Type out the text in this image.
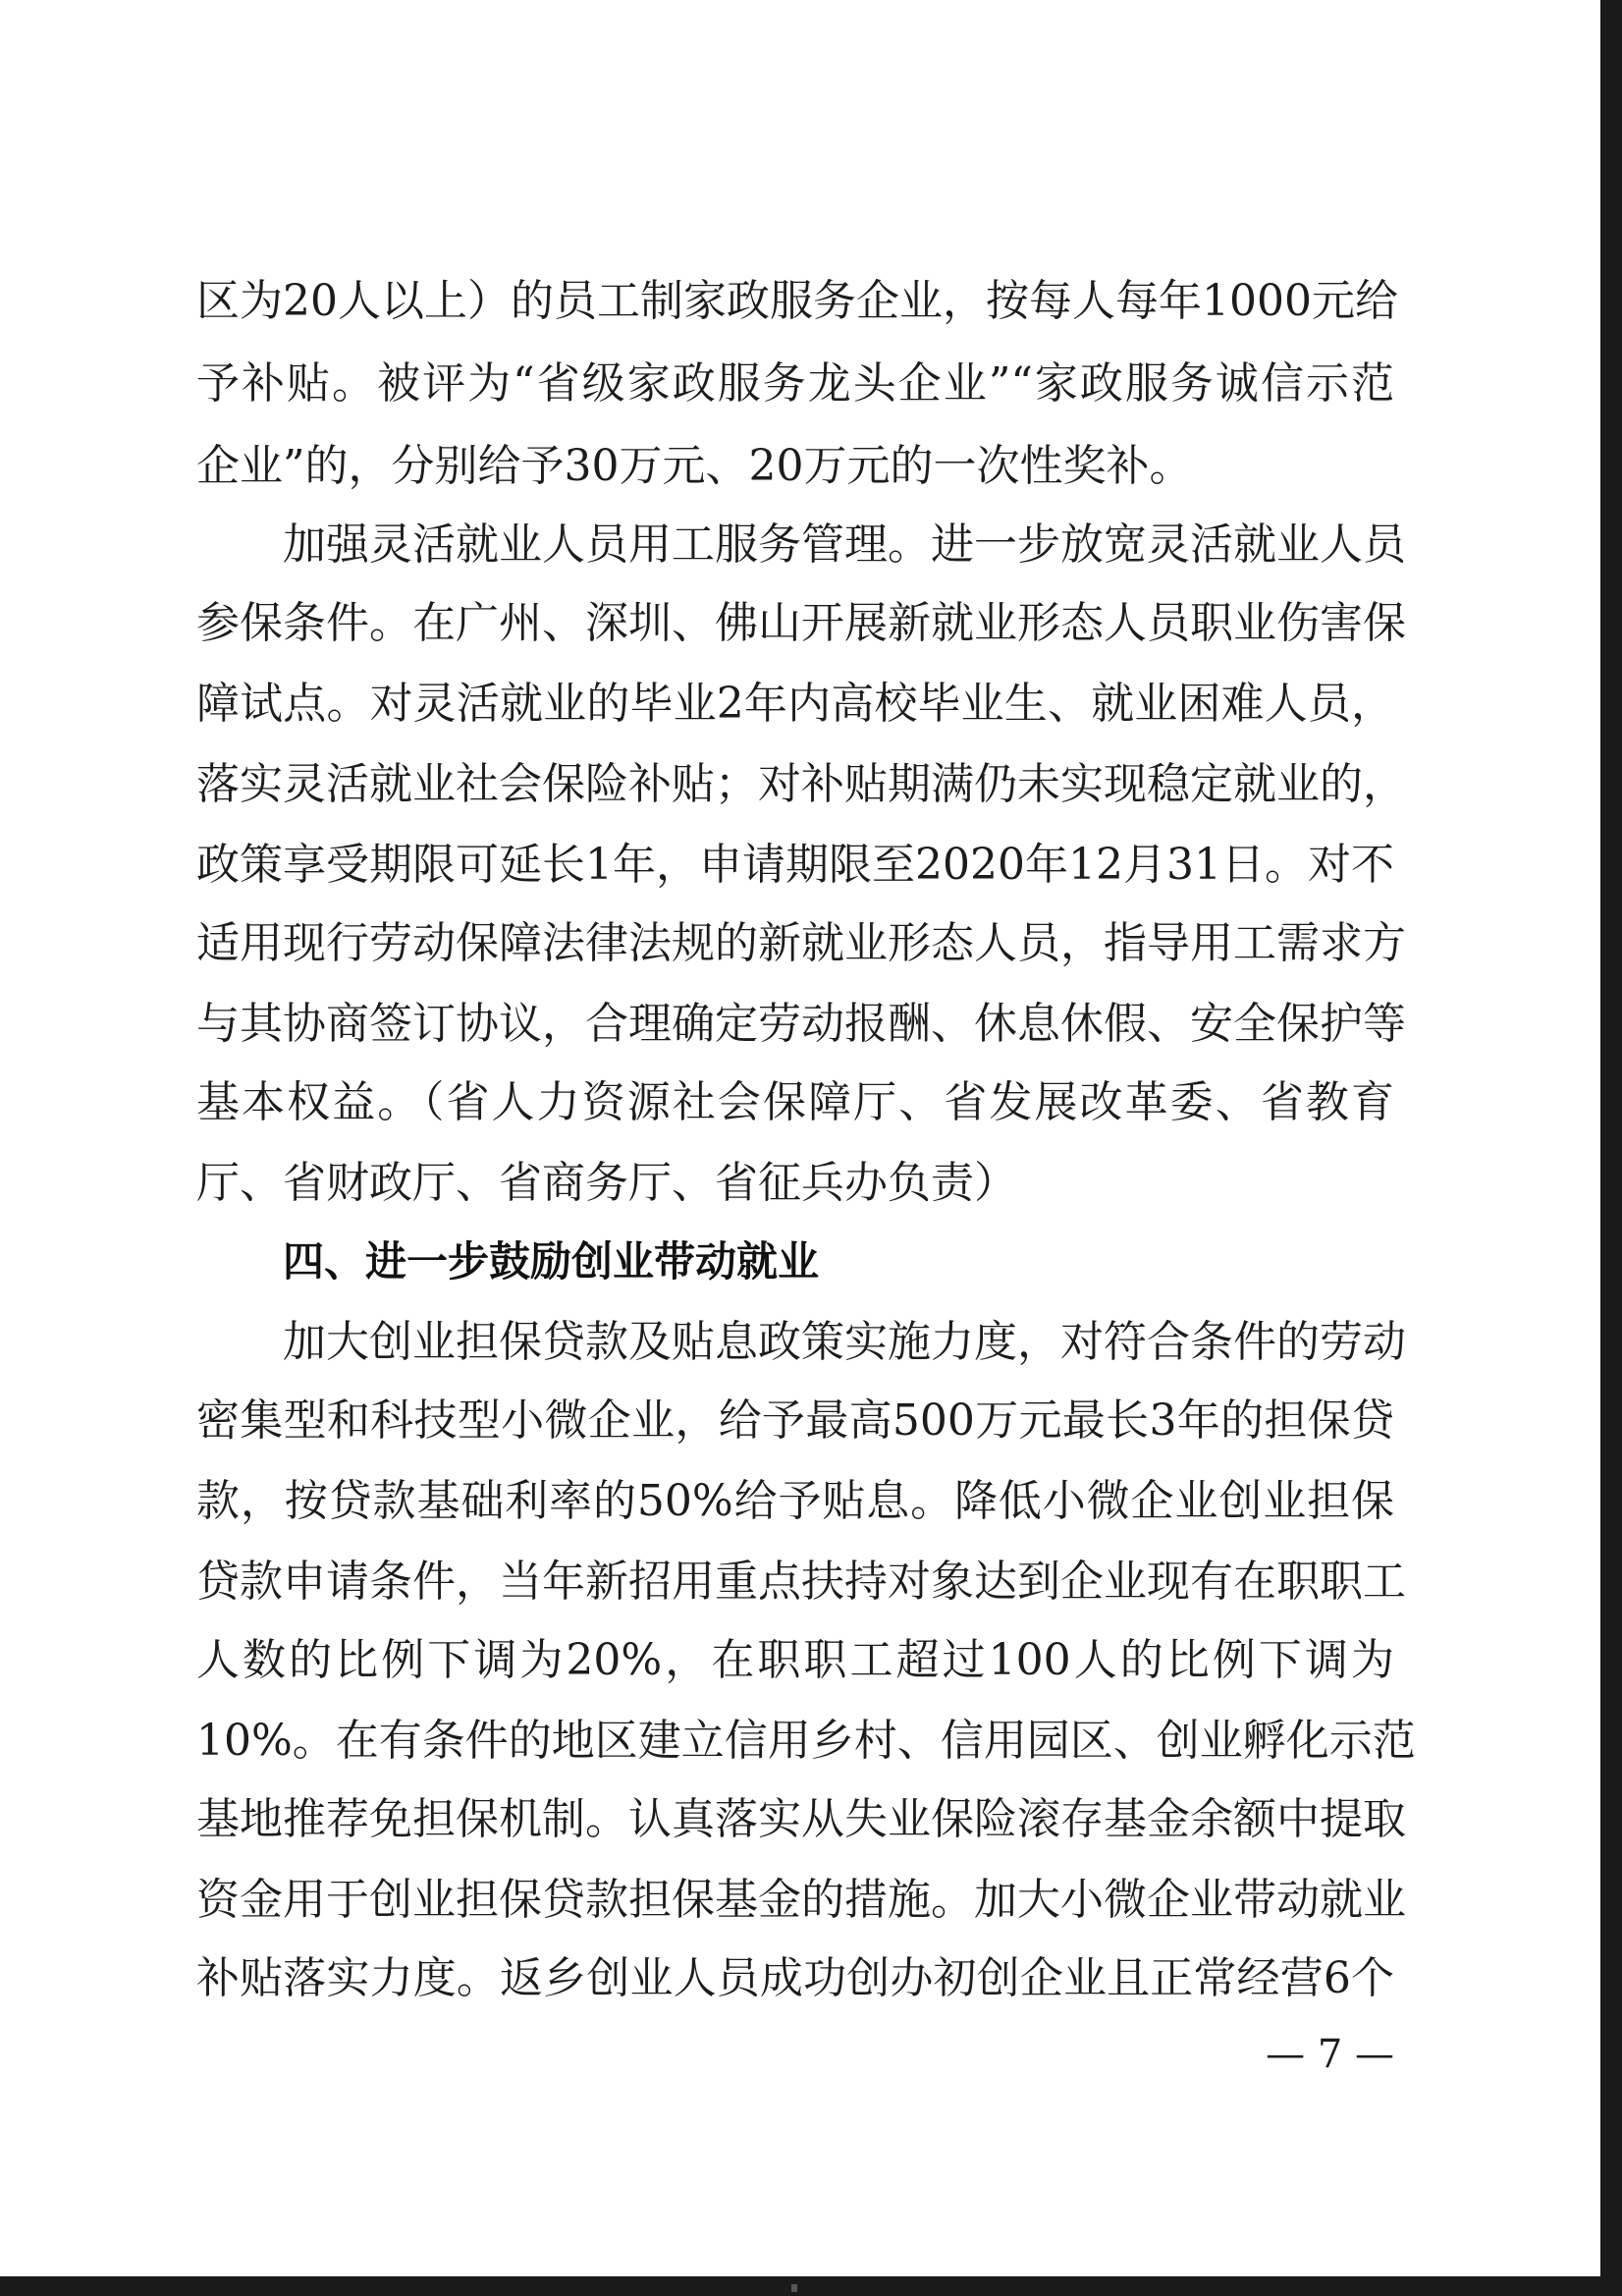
区为20人以上）的员工制家政服务企业，按每人每年1000元给
予补贴。被评为“省级家政服务龙头企业”“家政服务诚信示范
企业”的，分别给予30万元、20万元的一次性奖补。
加强灵活就业人员用工服务管理。进一步放宽灵活就业人员
参保条件。在广州、深圳、佛山开展新就业形态人员职业伤害保
障试点。对灵活就业的毕业2年内高校毕业生、就业困难人员，
落实灵活就业社会保险补贴；对补贴期满仍未实现稳定就业的，
政策享受期限可延长1年，申请期限至2020年12月31日。对不
适用现行劳动保障法律法规的新就业形态人员，指导用工需求方
与其协商签订协议，合理确定劳动报酬、休息休假、安全保护等
基本权益。（省人力资源社会保障厅、省发展改革委、省教育
厅、省财政厅、省商务厅、省征兵办负责）
四、进一步鼓励创业带动就业
加大创业担保贷款及贴息政策实施力度，对符合条件的劳动
密集型和科技型小微企业，给予最高500万元最长3年的担保贷
款，按贷款基础利率的50%给予贴息。降低小微企业创业担保
贷款申请条件，当年新招用重点扶持对象达到企业现有在职职工
人数的比例下调为20%，在职职工超过100人的比例下调为
10%。在有条件的地区建立信用乡村、信用园区、创业孵化示范
基地推荐免担保机制。认真落实从失业保险滚存基金余额中提取
资金用于创业担保贷款担保基金的措施。加大小微企业带动就业
补贴落实力度。返乡创业人员成功创办初创企业且正常经营6个
— 7 —
